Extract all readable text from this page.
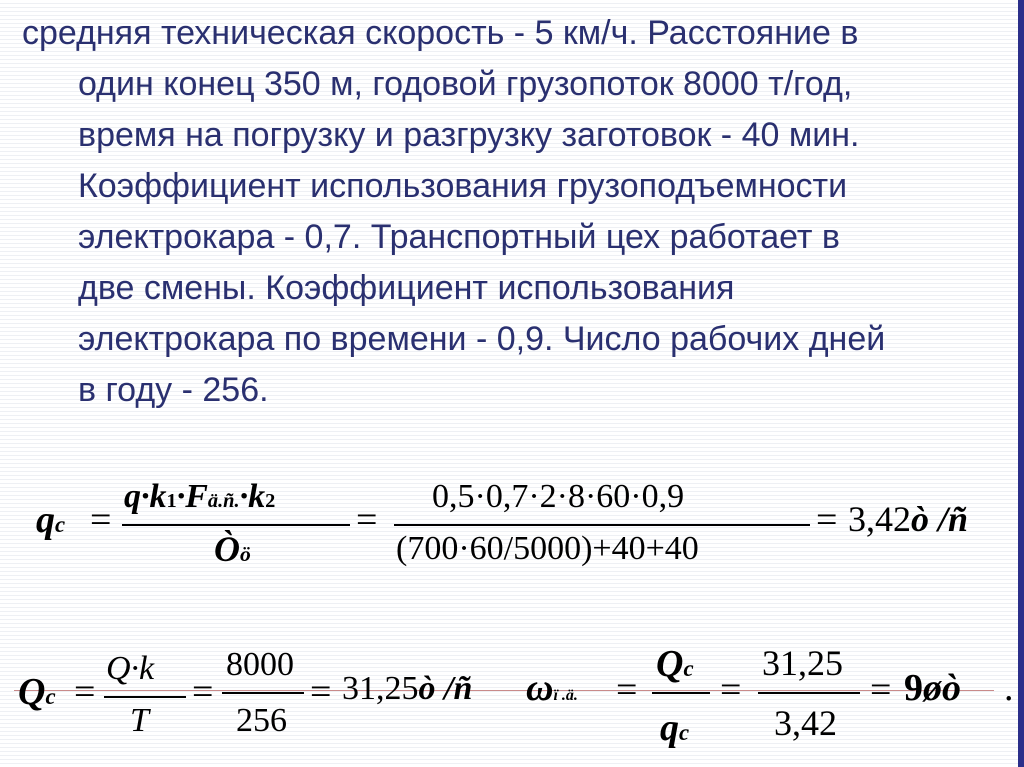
средняя техническая скорость - 5 км/ч. Расстояние в
один конец 350 м, годовой грузопоток 8000 т/год,
время на погрузку и разгрузку заготовок - 40 мин.
Коэффициент использования грузоподъемности
электрокара - 0,7. Транспортный цех работает в
две смены. Коэффициент использования
электрокара по времени - 0,9. Число рабочих дней
в году - 256.
qc =
q·k1·Fä.ñ.·k2
Òö
=
0,5·0,7·2·8·60·0,9
(700·60/5000)+40+40
= 3,42ò /ñ
Qc =
Q·k
T
=
8000
256
= 31,25ò /ñ ωï .ä. =
Qc
qc
=
31,25
3,42
= 9øò .
